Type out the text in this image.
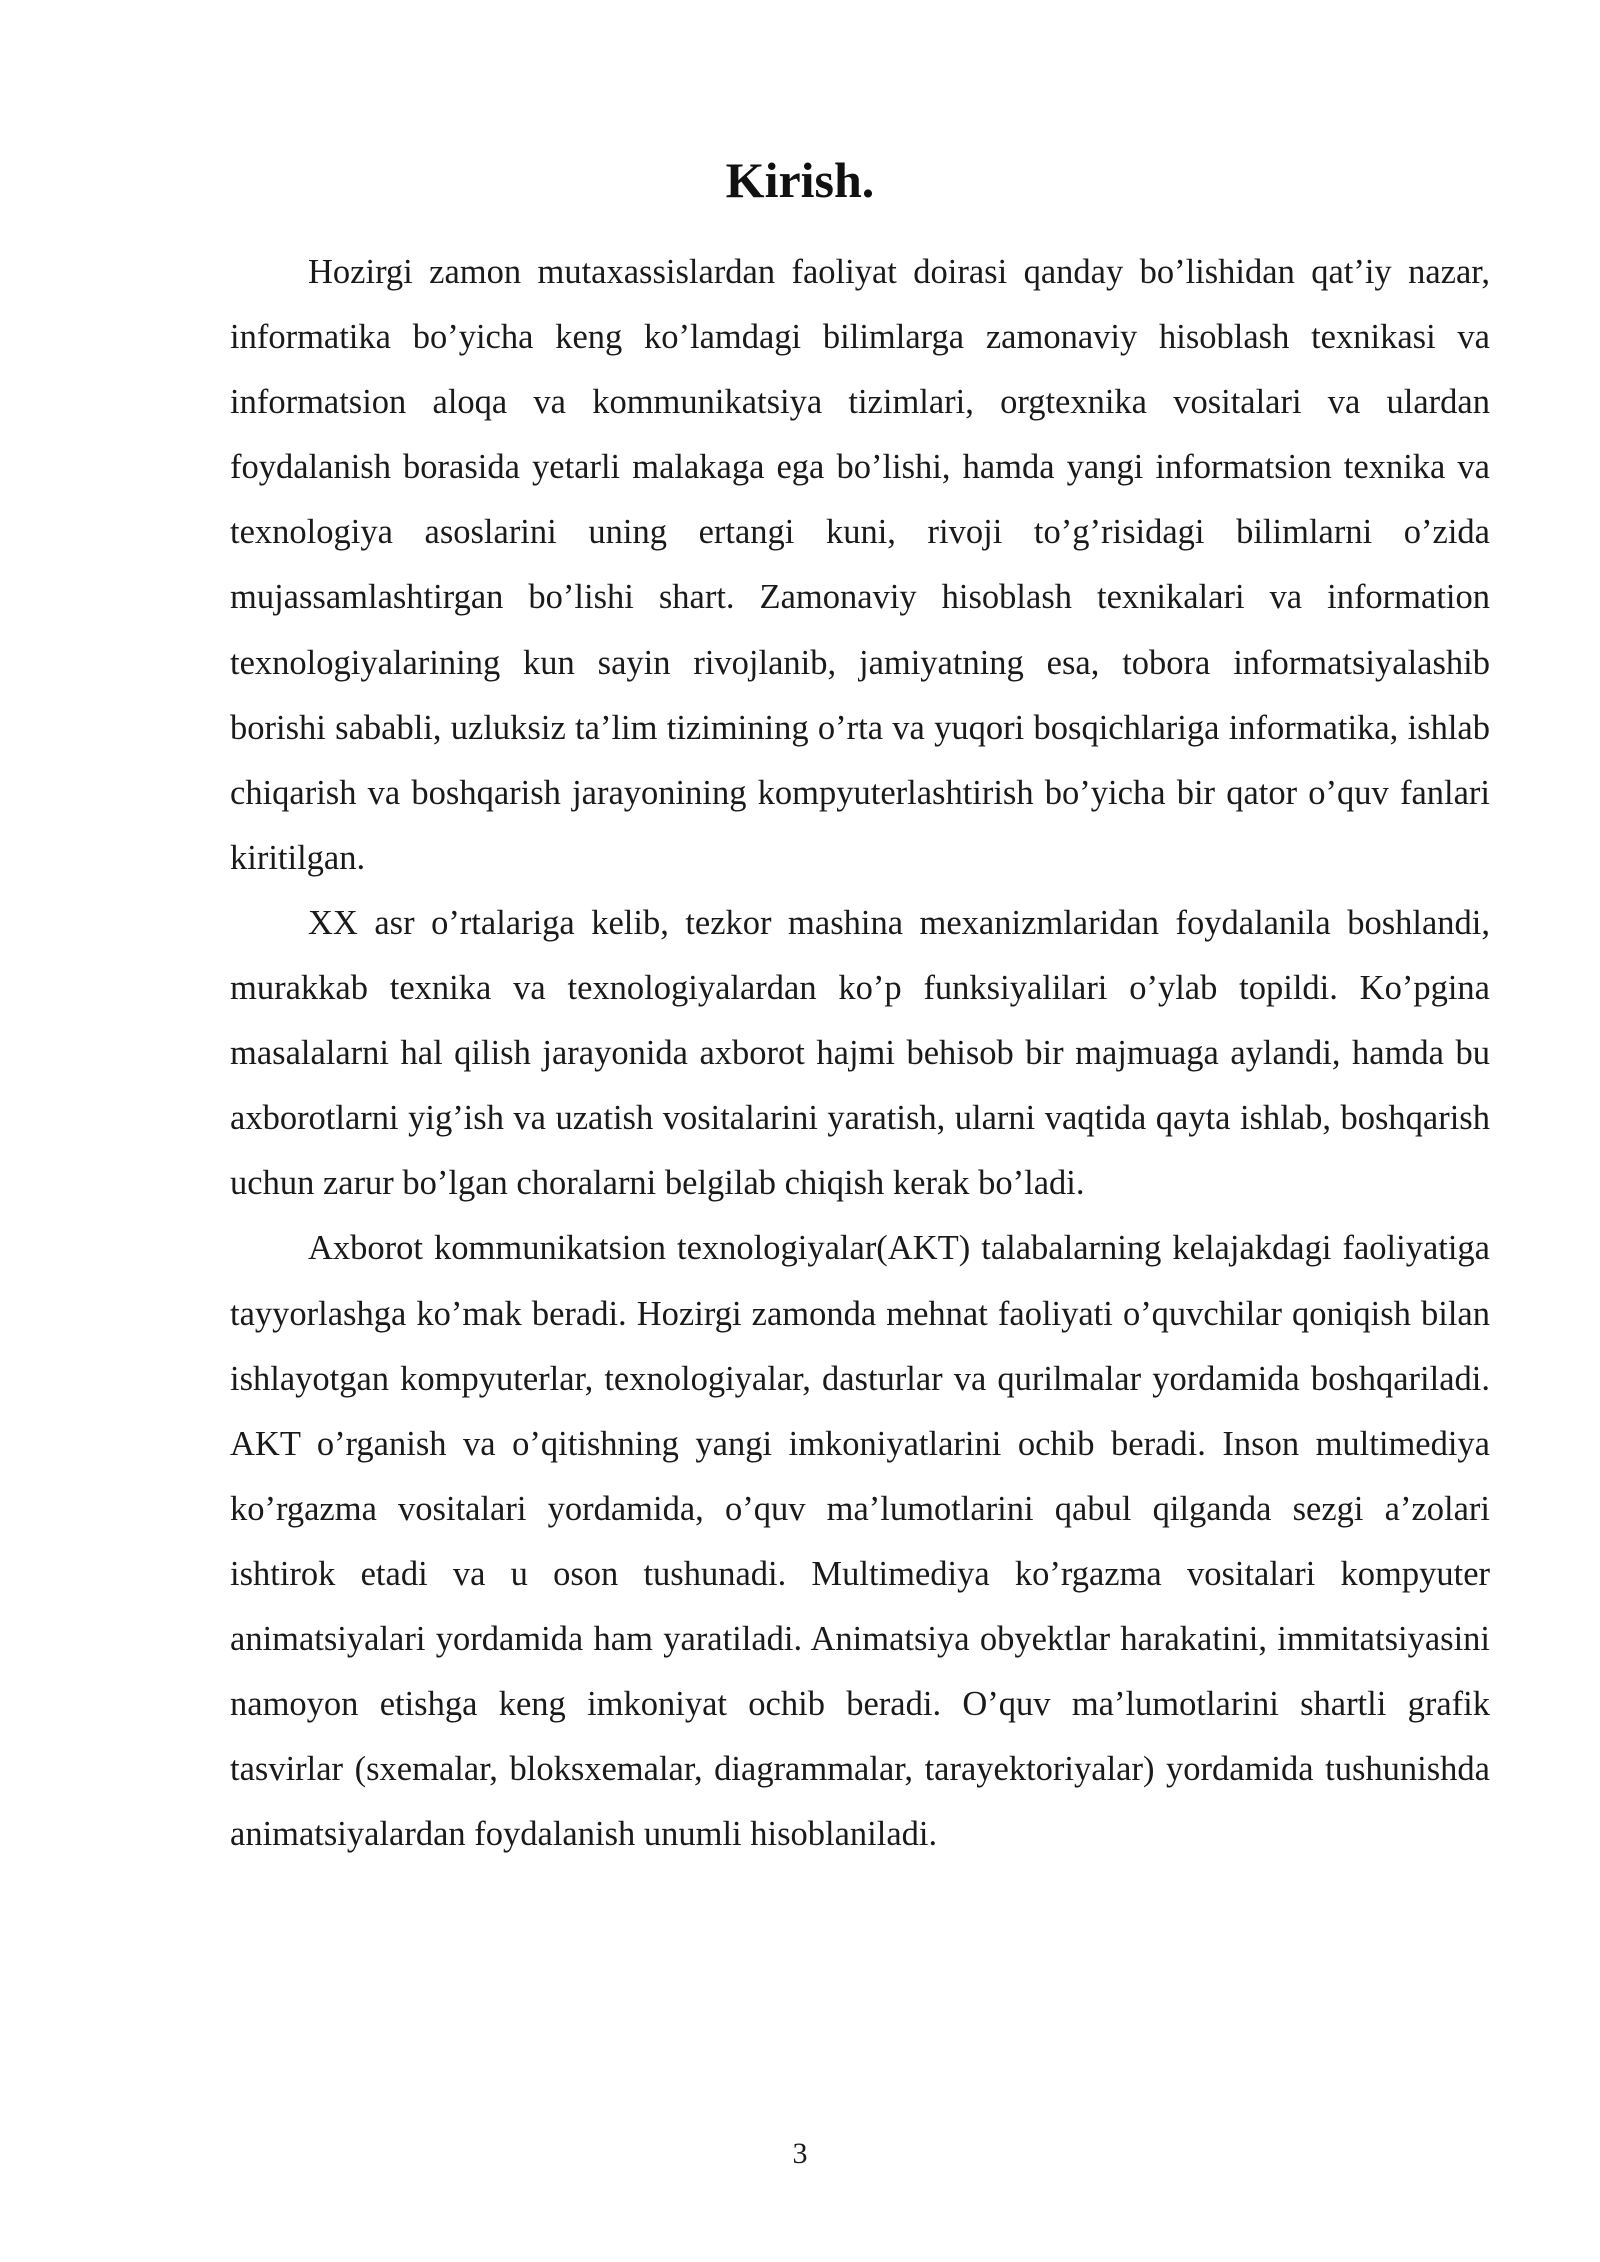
Kirish.

Hozirgi zamon mutaxassislardan faoliyat doirasi qanday bo’lishidan qat’iy nazar, informatika bo’yicha keng ko’lamdagi bilimlarga zamonaviy hisoblash texnikasi va informatsion aloqa va kommunikatsiya tizimlari, orgtexnika vositalari va ulardan foydalanish borasida yetarli malakaga ega bo’lishi, hamda yangi informatsion texnika va texnologiya asoslarini uning ertangi kuni, rivoji to’g’risidagi bilimlarni o’zida mujassamlashtirgan bo’lishi shart. Zamonaviy hisoblash texnikalari va information texnologiyalarining kun sayin rivojlanib, jamiyatning esa, tobora informatsiyalashib borishi sababli, uzluksiz ta’lim tizimining o’rta va yuqori bosqichlariga informatika, ishlab chiqarish va boshqarish jarayonining kompyuterlashtirish bo’yicha bir qator o’quv fanlari kiritilgan.

XX asr o’rtalariga kelib, tezkor mashina mexanizmlaridan foydalanila boshlandi, murakkab texnika va texnologiyalardan ko’p funksiyalilari o’ylab topildi. Ko’pgina masalalarni hal qilish jarayonida axborot hajmi behisob bir majmuaga aylandi, hamda bu axborotlarni yig’ish va uzatish vositalarini yaratish, ularni vaqtida qayta ishlab, boshqarish uchun zarur bo’lgan choralarni belgilab chiqish kerak bo’ladi.

Axborot kommunikatsion texnologiyalar(AKT) talabalarning kelajakdagi faoliyatiga tayyorlashga ko’mak beradi. Hozirgi zamonda mehnat faoliyati o’quvchilar qoniqish bilan ishlayotgan kompyuterlar, texnologiyalar, dasturlar va qurilmalar yordamida boshqariladi. AKT o’rganish va o’qitishning yangi imkoniyatlarini ochib beradi. Inson multimediya ko’rgazma vositalari yordamida, o’quv ma’lumotlarini qabul qilganda sezgi a’zolari ishtirok etadi va u oson tushunadi. Multimediya ko’rgazma vositalari kompyuter animatsiyalari yordamida ham yaratiladi. Animatsiya obyektlar harakatini, immitatsiyasini namoyon etishga keng imkoniyat ochib beradi. O’quv ma’lumotlarini shartli grafik tasvirlar (sxemalar, bloksxemalar, diagrammalar, tarayektoriyalar) yordamida tushunishda animatsiyalardan foydalanish unumli hisoblaniladi.

3
